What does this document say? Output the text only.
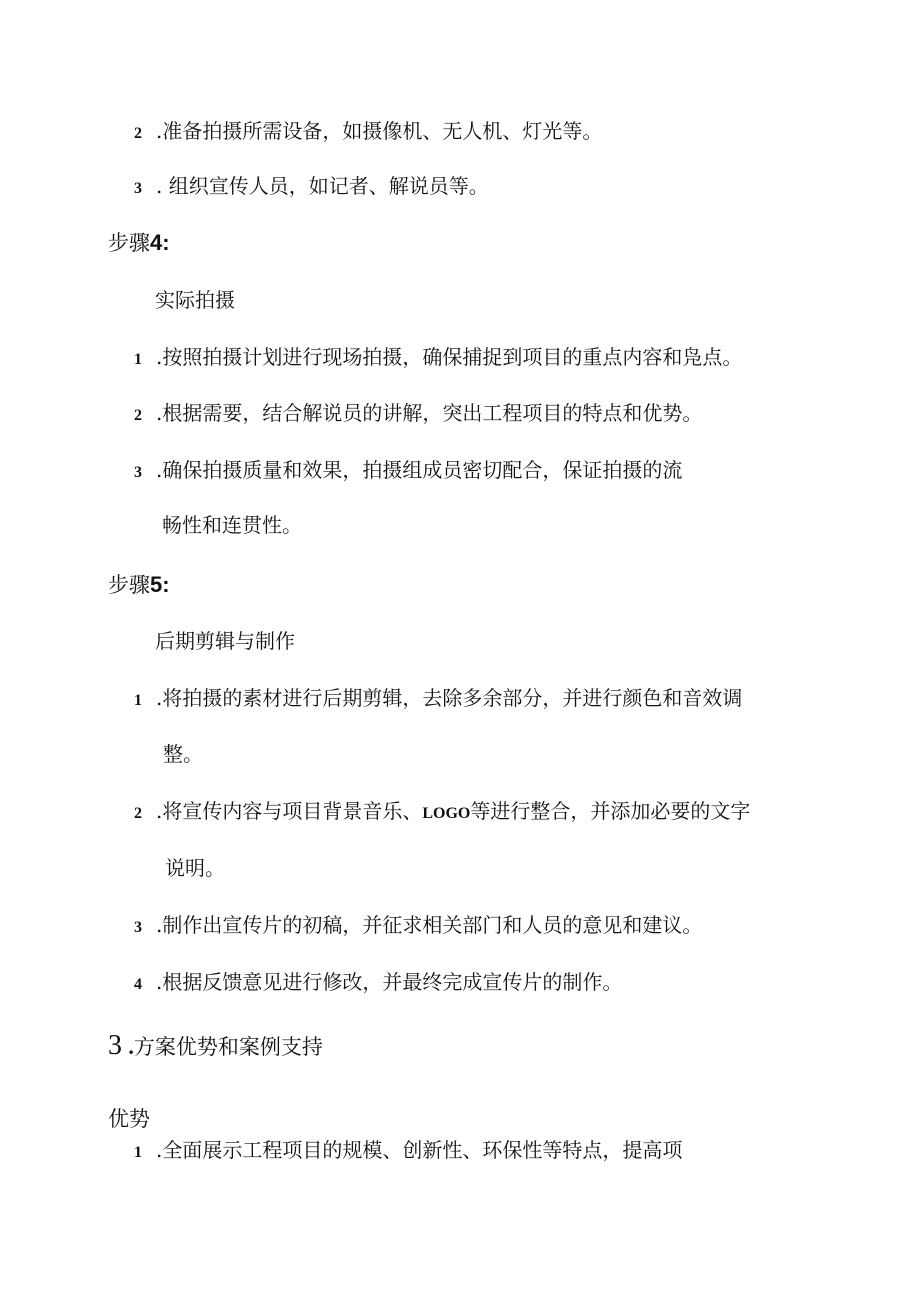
2 .准备拍摄所需设备，如摄像机、无人机、灯光等。
3 . 组织宣传人员，如记者、解说员等。
步骤4:
实际拍摄
1 .按照拍摄计划进行现场拍摄，确保捕捉到项目的重点内容和凫点。
2 .根据需要，结合解说员的讲解，突出工程项目的特点和优势。
3 .确保拍摄质量和效果，拍摄组成员密切配合，保证拍摄的流
畅性和连贯性。
步骤5:
后期剪辑与制作
1 .将拍摄的素材进行后期剪辑，去除多余部分，并进行颜色和音效调
整。
2 .将宣传内容与项目背景音乐、LOGO等进行整合，并添加必要的文字
说明。
3 .制作出宣传片的初稿，并征求相关部门和人员的意见和建议。
4 .根据反馈意见进行修改，并最终完成宣传片的制作。
3 .方案优势和案例支持
优势
1 .全面展示工程项目的规模、创新性、环保性等特点，提高项
